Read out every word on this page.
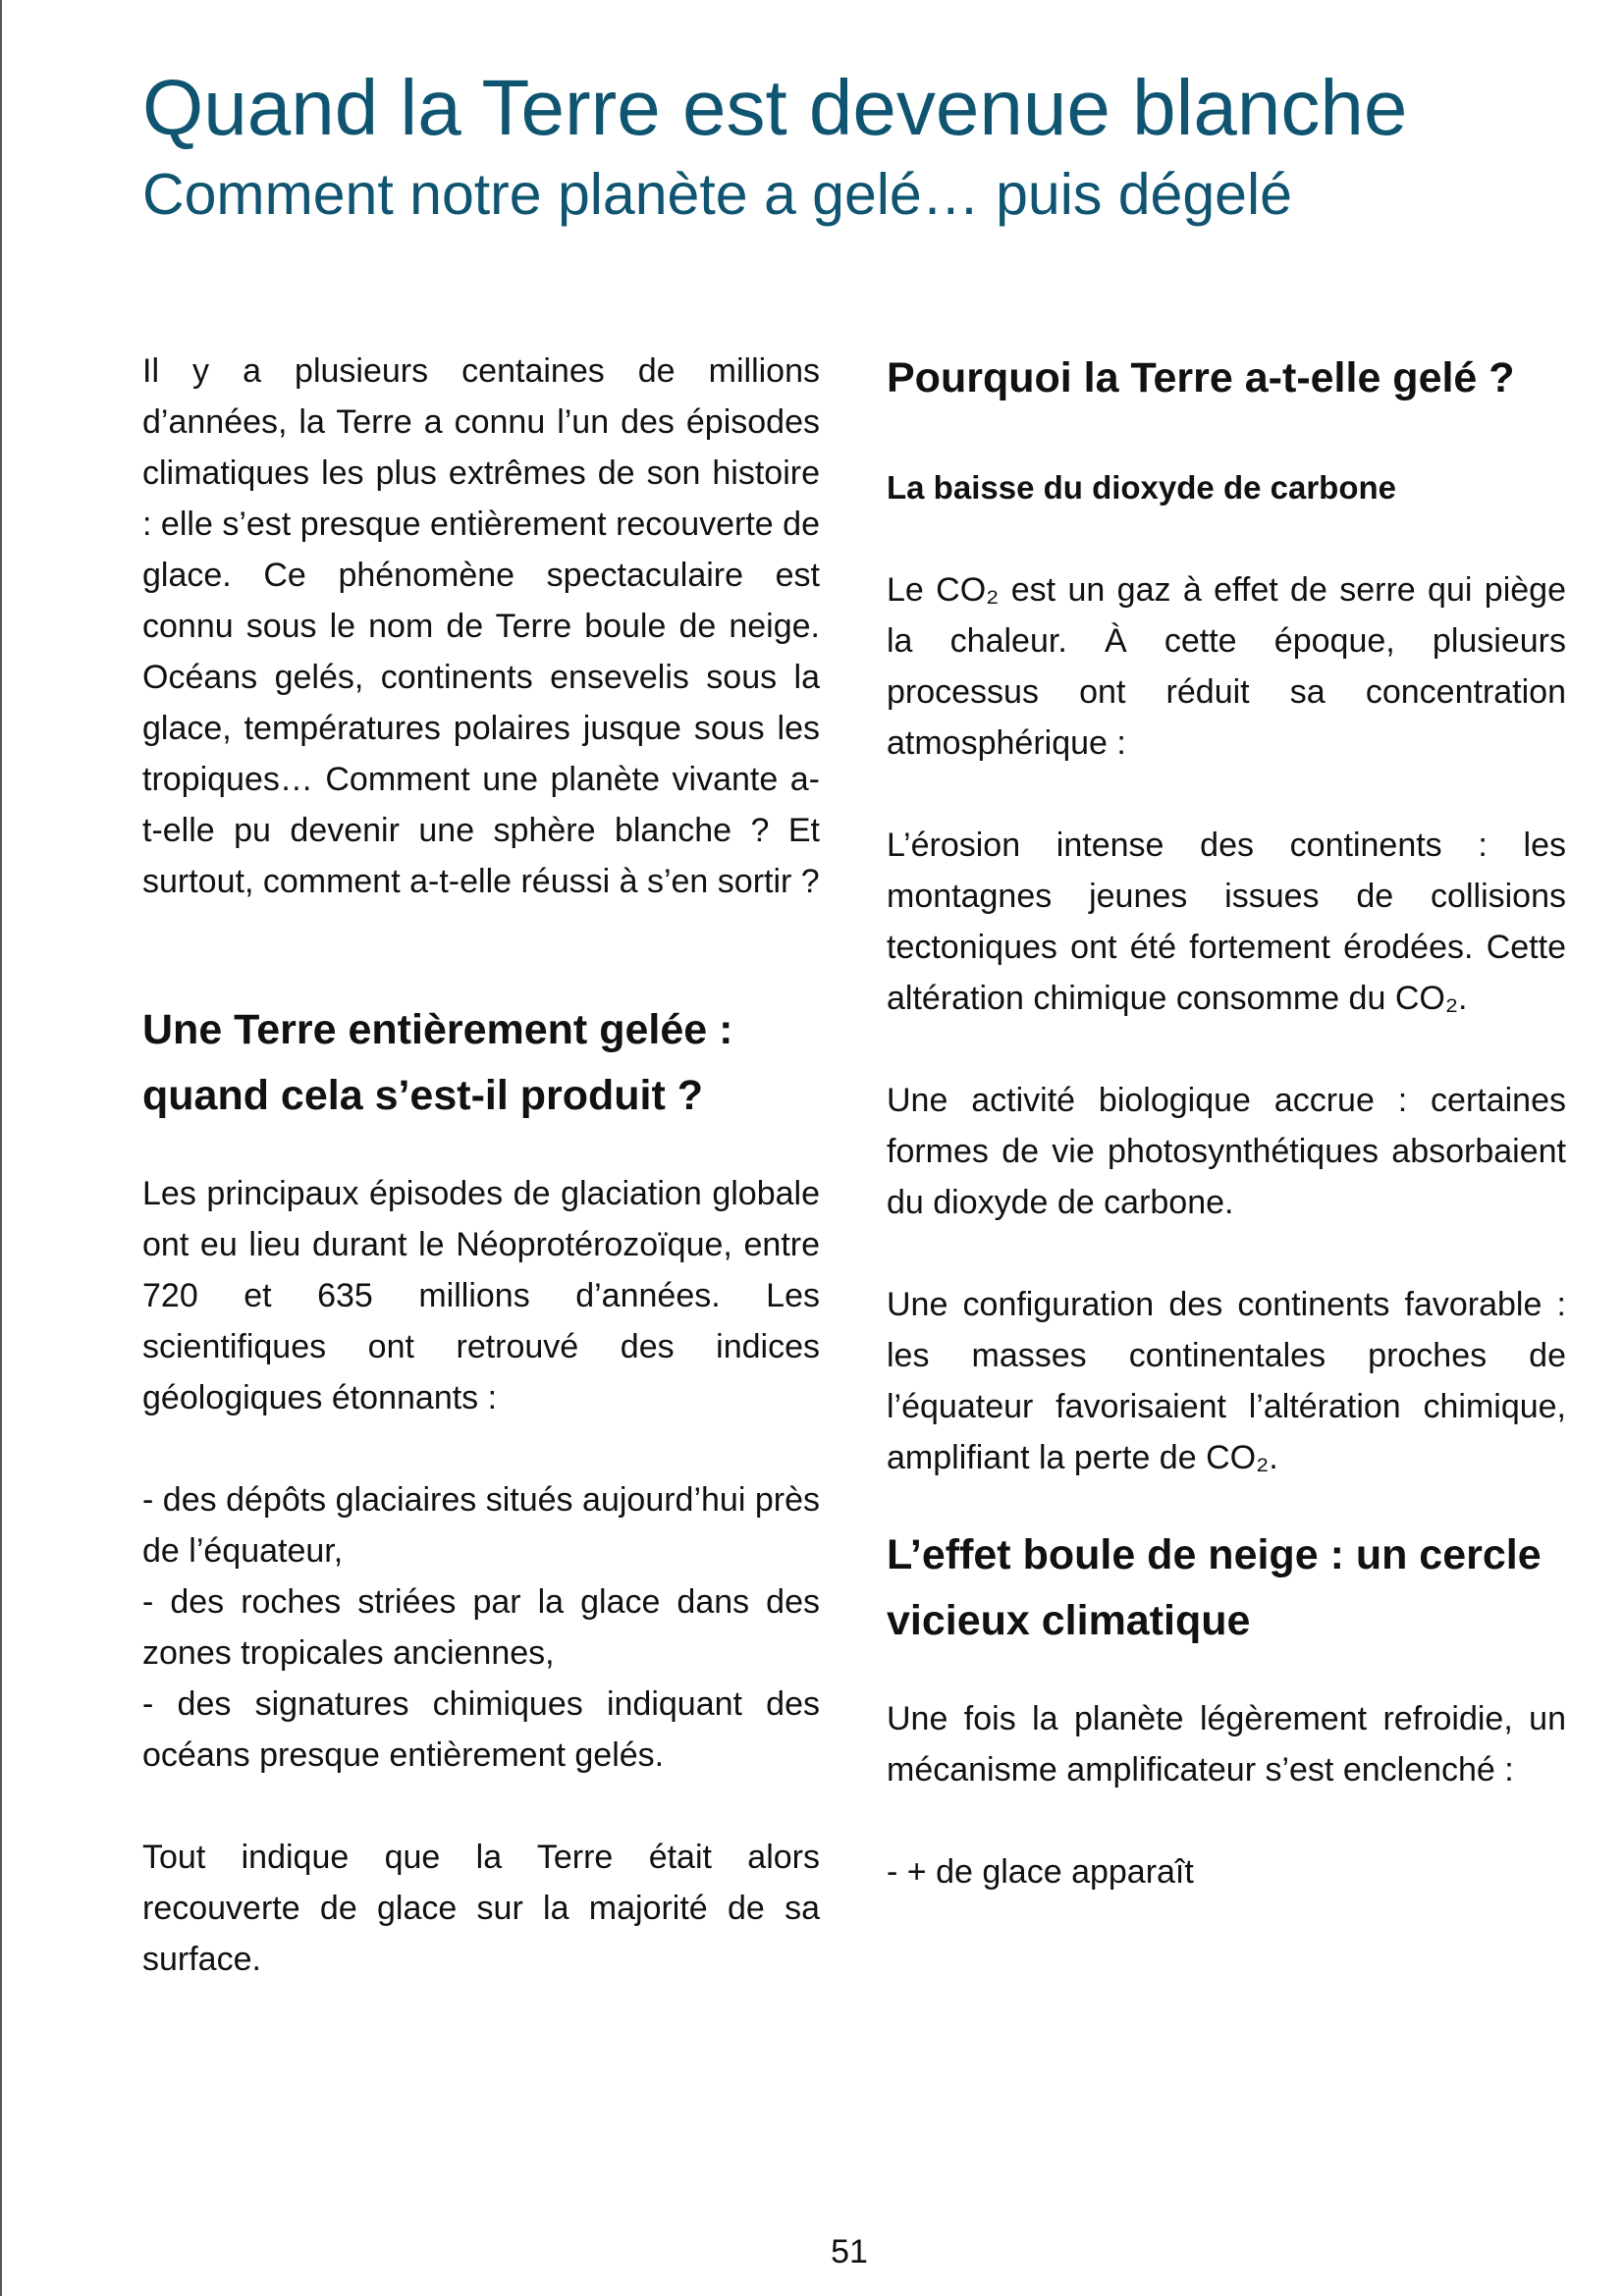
Quand la Terre est devenue blanche
Comment notre planète a gelé… puis dégelé

Il y a plusieurs centaines de millions d’années, la Terre a connu l’un des épisodes climatiques les plus extrêmes de son histoire : elle s’est presque entièrement recouverte de glace. Ce phénomène spectaculaire est connu sous le nom de Terre boule de neige. Océans gelés, continents ensevelis sous la glace, températures polaires jusque sous les tropiques… Comment une planète vivante a-t-elle pu devenir une sphère blanche ? Et surtout, comment a-t-elle réussi à s’en sortir ?

Une Terre entièrement gelée : quand cela s’est-il produit ?

Les principaux épisodes de glaciation globale ont eu lieu durant le Néoprotérozoïque, entre 720 et 635 millions d’années. Les scientifiques ont retrouvé des indices géologiques étonnants :

- des dépôts glaciaires situés aujourd’hui près de l’équateur,
- des roches striées par la glace dans des zones tropicales anciennes,
- des signatures chimiques indiquant des océans presque entièrement gelés.

Tout indique que la Terre était alors recouverte de glace sur la majorité de sa surface.

Pourquoi la Terre a-t-elle gelé ?
La baisse du dioxyde de carbone

Le CO₂ est un gaz à effet de serre qui piège la chaleur. À cette époque, plusieurs processus ont réduit sa concentration atmosphérique :

L’érosion intense des continents : les montagnes jeunes issues de collisions tectoniques ont été fortement érodées. Cette altération chimique consomme du CO₂.

Une activité biologique accrue : certaines formes de vie photosynthétiques absorbaient du dioxyde de carbone.

Une configuration des continents favorable : les masses continentales proches de l’équateur favorisaient l’altération chimique, amplifiant la perte de CO₂.

L’effet boule de neige : un cercle vicieux climatique

Une fois la planète légèrement refroidie, un mécanisme amplificateur s’est enclenché :

- + de glace apparaît
51
